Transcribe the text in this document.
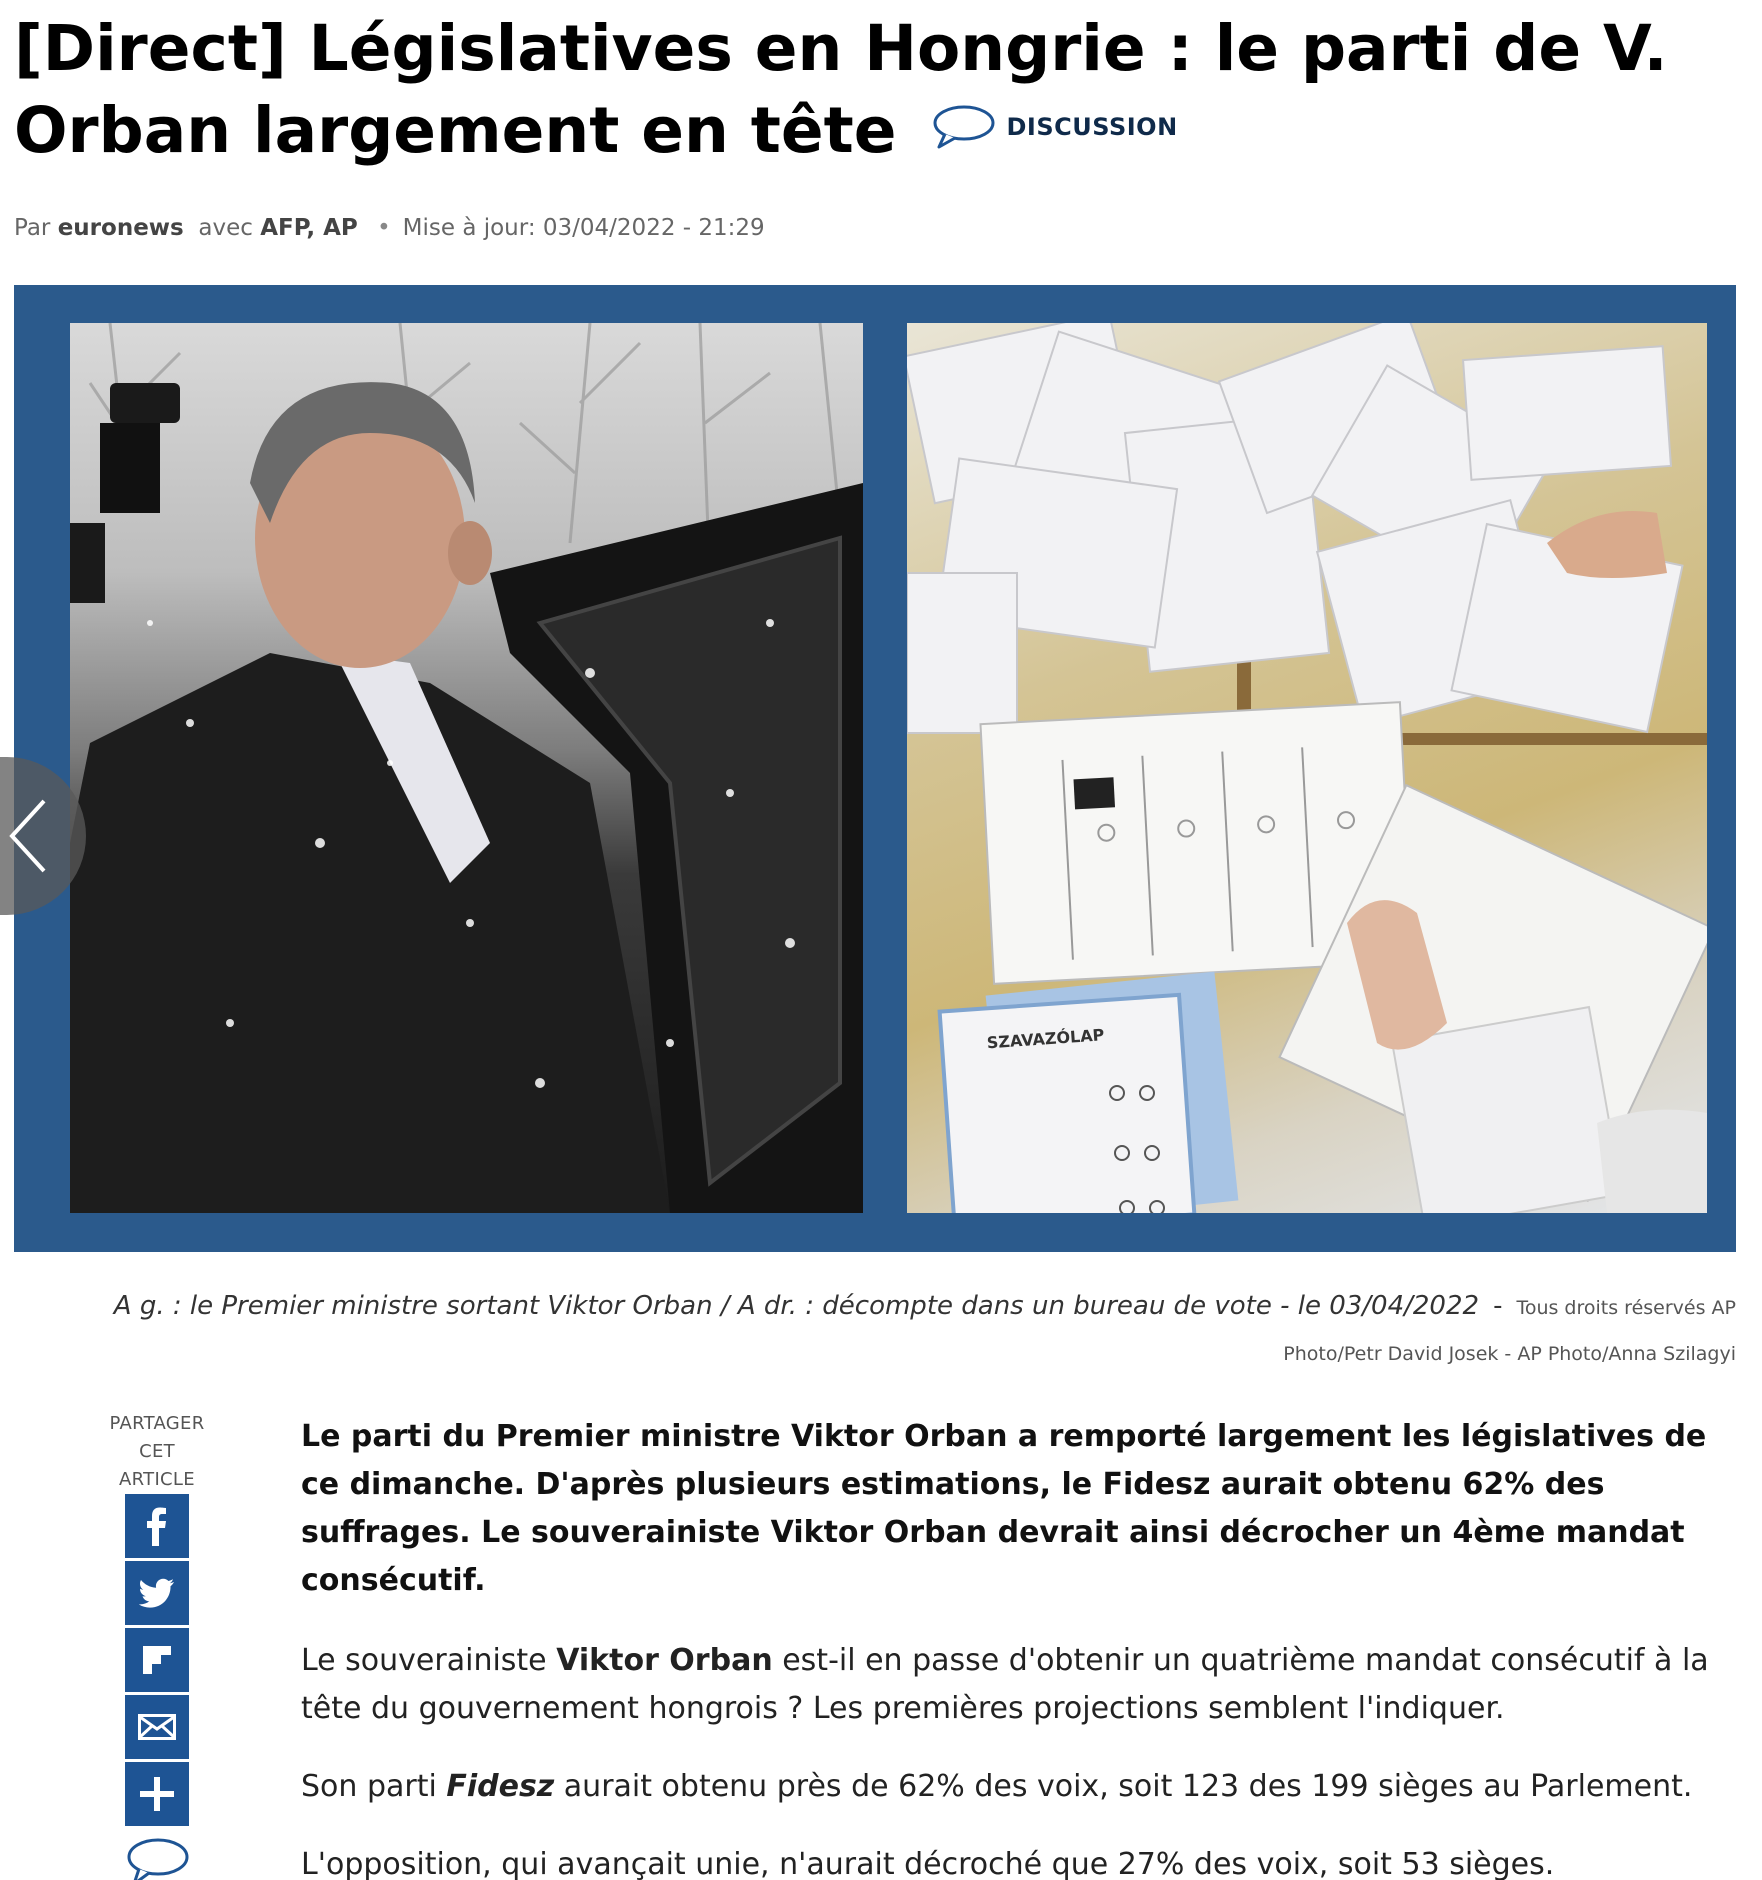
[Direct] Législatives en Hongrie : le parti de V. Orban largement en tête	DISCUSSION
Par euronews avec AFP, AP • Mise à jour: 03/04/2022 - 21:29
SZAVAZÓLAP
A g. : le Premier ministre sortant Viktor Orban / A dr. : décompte dans un bureau de vote - le 03/04/2022 - Tous droits réservés AP Photo/Petr David Josek - AP Photo/Anna Szilagyi
PARTAGER
CET ARTICLE

Le parti du Premier ministre Viktor Orban a remporté largement les législatives de ce dimanche. D'après plusieurs estimations, le Fidesz aurait obtenu 62% des suffrages. Le souverainiste Viktor Orban devrait ainsi décrocher un 4ème mandat consécutif.

Le souverainiste Viktor Orban est-il en passe d'obtenir un quatrième mandat consécutif à la tête du gouvernement hongrois ? Les premières projections semblent l'indiquer.

Son parti Fidesz aurait obtenu près de 62% des voix, soit 123 des 199 sièges au Parlement.

L'opposition, qui avançait unie, n'aurait décroché que 27% des voix, soit 53 sièges.
